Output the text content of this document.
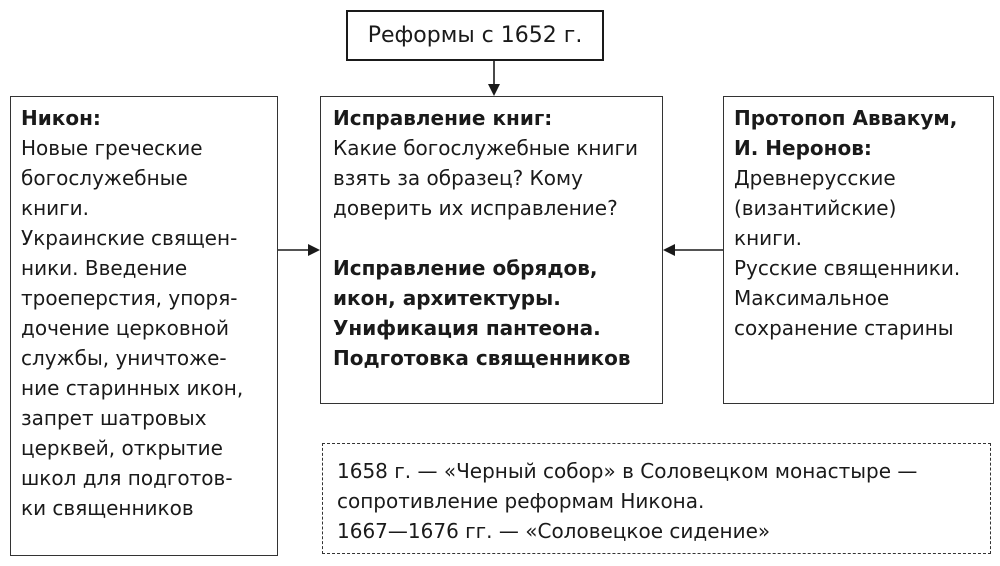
Реформы с 1652 г.

Никон:

Новые греческие

богослужебные

книги.

Украинские священ-

ники. Введение

троеперстия, упоря-

дочение церковной

службы, уничтоже-

ние старинных икон,

запрет шатровых

церквей, открытие

школ для подготов-

ки священников

Исправление книг:

Какие богослужебные книги

взять за образец? Кому

доверить их исправление?

Исправление обрядов,

икон, архитектуры.

Унификация пантеона.

Подготовка священников

Протопоп Аввакум,

И. Неронов:

Древнерусские

(византийские)

книги.

Русские священники.

Максимальное

сохранение старины

1658 г. — «Черный собор» в Соловецком монастыре —

сопротивление реформам Никона.

1667—1676 гг. — «Соловецкое сидение»
